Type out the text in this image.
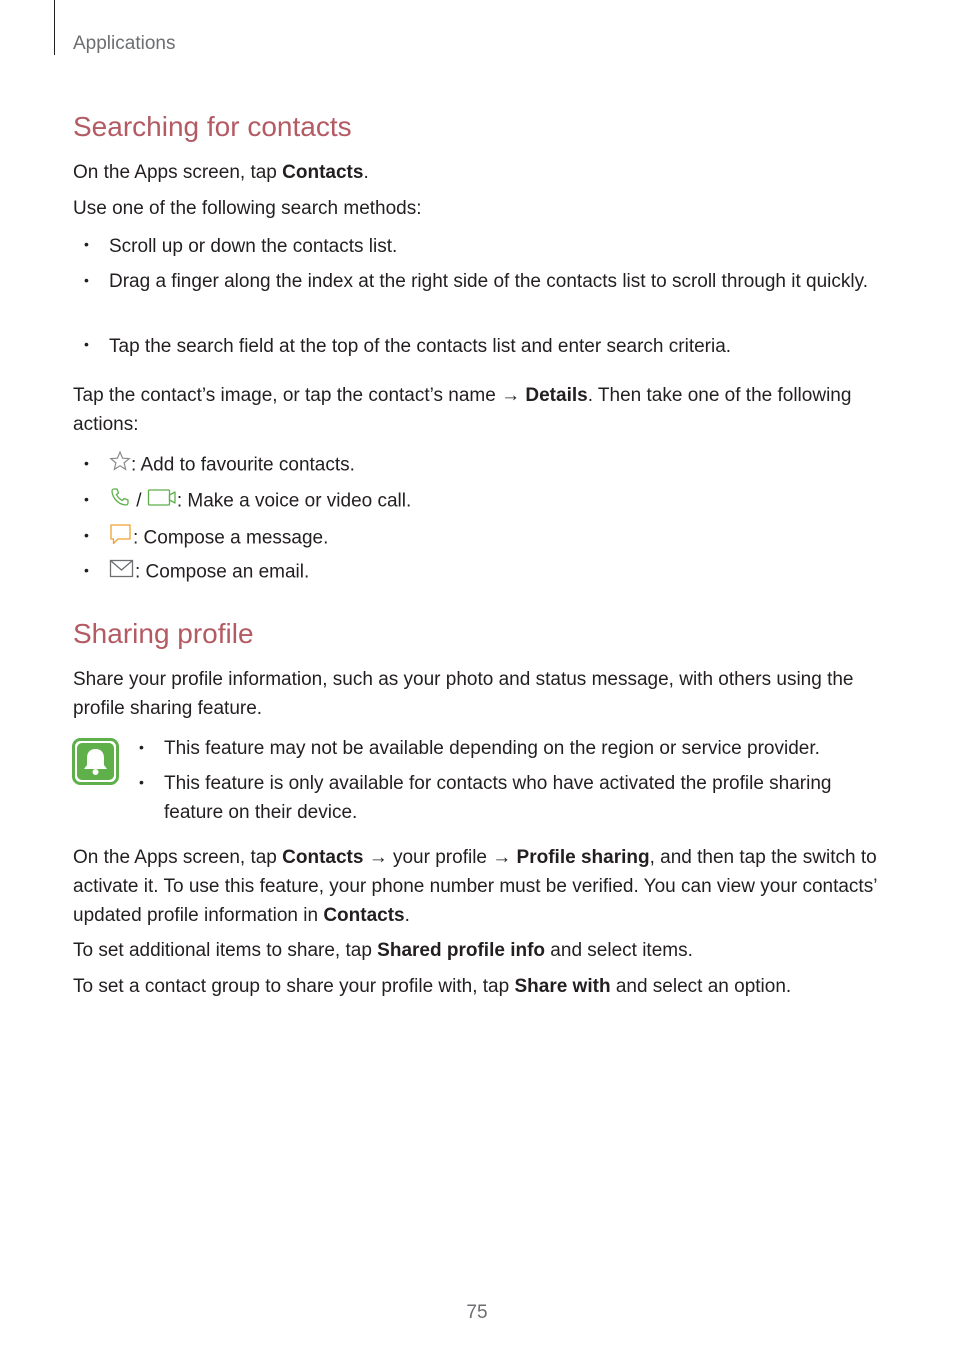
Applications
Searching for contacts

On the Apps screen, tap Contacts.

Use one of the following search methods:

• Scroll up or down the contacts list.
• Drag a finger along the index at the right side of the contacts list to scroll through it quickly.
• Tap the search field at the top of the contacts list and enter search criteria.

Tap the contact’s image, or tap the contact’s name → Details. Then take one of the following actions:

•	: Add to favourite contacts.
•	/ : Make a voice or video call.
•	: Compose a message.
•	: Compose an email.
Sharing profile

Share your profile information, such as your photo and status message, with others using the profile sharing feature.

• This feature may not be available depending on the region or service provider.
• This feature is only available for contacts who have activated the profile sharing feature on their device.

On the Apps screen, tap Contacts → your profile → Profile sharing, and then tap the switch to activate it. To use this feature, your phone number must be verified. You can view your contacts’ updated profile information in Contacts.

To set additional items to share, tap Shared profile info and select items.

To set a contact group to share your profile with, tap Share with and select an option.

75
